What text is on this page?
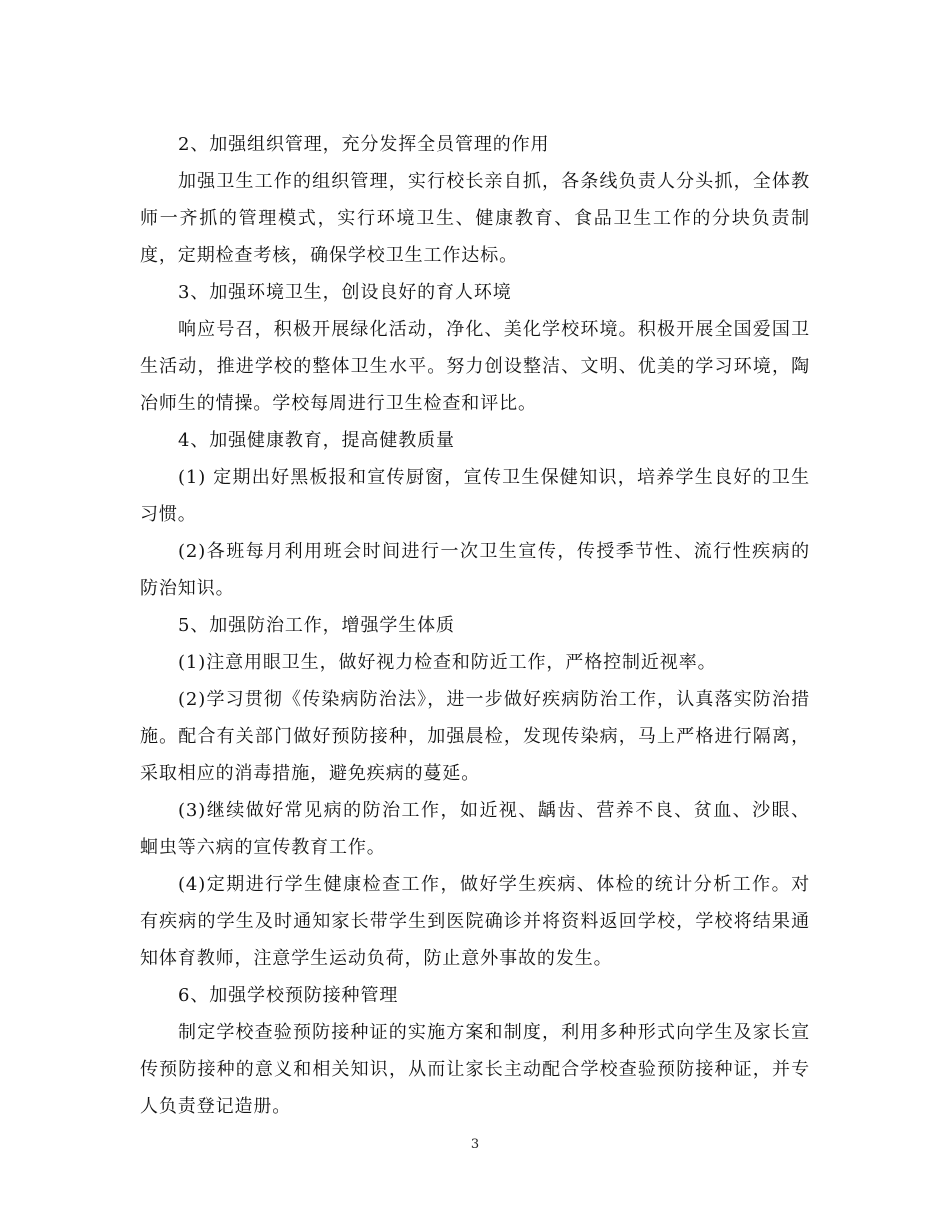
2、加强组织管理，充分发挥全员管理的作用

加强卫生工作的组织管理，实行校长亲自抓，各条线负责人分头抓，全体教师一齐抓的管理模式，实行环境卫生、健康教育、食品卫生工作的分块负责制度，定期检查考核，确保学校卫生工作达标。

3、加强环境卫生，创设良好的育人环境

响应号召，积极开展绿化活动，净化、美化学校环境。积极开展全国爱国卫生活动，推进学校的整体卫生水平。努力创设整洁、文明、优美的学习环境，陶冶师生的情操。学校每周进行卫生检查和评比。

4、加强健康教育，提高健教质量

(1) 定期出好黑板报和宣传厨窗，宣传卫生保健知识，培养学生良好的卫生习惯。

(2)各班每月利用班会时间进行一次卫生宣传，传授季节性、流行性疾病的防治知识。

5、加强防治工作，增强学生体质

(1)注意用眼卫生，做好视力检查和防近工作，严格控制近视率。

(2)学习贯彻《传染病防治法》，进一步做好疾病防治工作，认真落实防治措施。配合有关部门做好预防接种，加强晨检，发现传染病，马上严格进行隔离，采取相应的消毒措施，避免疾病的蔓延。

(3)继续做好常见病的防治工作，如近视、龋齿、营养不良、贫血、沙眼、蛔虫等六病的宣传教育工作。

(4)定期进行学生健康检查工作，做好学生疾病、体检的统计分析工作。对有疾病的学生及时通知家长带学生到医院确诊并将资料返回学校，学校将结果通知体育教师，注意学生运动负荷，防止意外事故的发生。

6、加强学校预防接种管理

制定学校查验预防接种证的实施方案和制度，利用多种形式向学生及家长宣传预防接种的意义和相关知识，从而让家长主动配合学校查验预防接种证，并专人负责登记造册。

3
